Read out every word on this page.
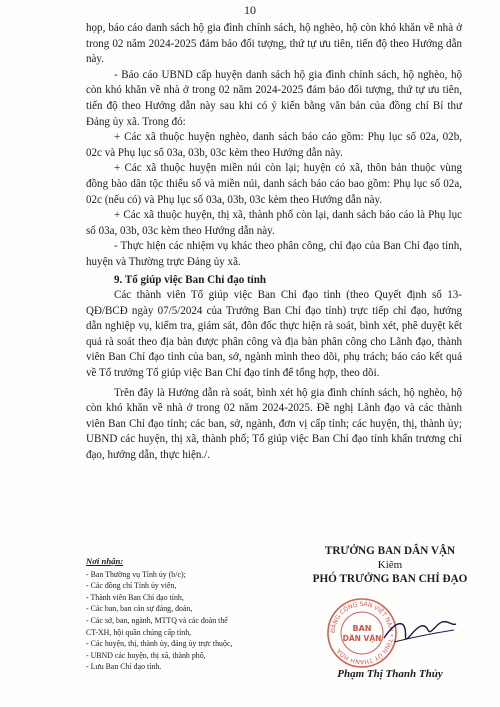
10

họp, báo cáo danh sách hộ gia đình chính sách, hộ nghèo, hộ còn khó khăn về nhà ở trong 02 năm 2024-2025 đảm bảo đối tượng, thứ tự ưu tiên, tiến độ theo Hướng dẫn này.

- Báo cáo UBND cấp huyện danh sách hộ gia đình chính sách, hộ nghèo, hộ còn khó khăn về nhà ở trong 02 năm 2024-2025 đảm bảo đối tượng, thứ tự ưu tiên, tiến độ theo Hướng dẫn này sau khi có ý kiến bằng văn bản của đồng chí Bí thư Đảng ủy xã. Trong đó:

+ Các xã thuộc huyện nghèo, danh sách báo cáo gồm: Phụ lục số 02a, 02b, 02c và Phụ lục số 03a, 03b, 03c kèm theo Hướng dẫn này.

+ Các xã thuộc huyện miền núi còn lại; huyện có xã, thôn bản thuộc vùng đồng bào dân tộc thiểu số và miền núi, danh sách báo cáo bao gồm: Phụ lục số 02a, 02c (nếu có) và Phụ lục số 03a, 03b, 03c kèm theo Hướng dẫn này.

+ Các xã thuộc huyện, thị xã, thành phố còn lại, danh sách báo cáo là Phụ lục số 03a, 03b, 03c kèm theo Hướng dẫn này.

- Thực hiện các nhiệm vụ khác theo phân công, chỉ đạo của Ban Chỉ đạo tỉnh, huyện và Thường trực Đảng ủy xã.

9. Tổ giúp việc Ban Chỉ đạo tỉnh

Các thành viên Tổ giúp việc Ban Chỉ đạo tỉnh (theo Quyết định số 13-QĐ/BCĐ ngày 07/5/2024 của Trưởng Ban Chỉ đạo tỉnh) trực tiếp chỉ đạo, hướng dẫn nghiệp vụ, kiểm tra, giám sát, đôn đốc thực hiện rà soát, bình xét, phê duyệt kết quả rà soát theo địa bàn được phân công và địa bàn phân công cho Lãnh đạo, thành viên Ban Chỉ đạo tỉnh của ban, sở, ngành mình theo dõi, phụ trách; báo cáo kết quả về Tổ trưởng Tổ giúp việc Ban Chỉ đạo tỉnh để tổng hợp, theo dõi.

Trên đây là Hướng dẫn rà soát, bình xét hộ gia đình chính sách, hộ nghèo, hộ còn khó khăn về nhà ở trong 02 năm 2024-2025. Đề nghị Lãnh đạo và các thành viên Ban Chỉ đạo tỉnh; các ban, sở, ngành, đơn vị cấp tỉnh; các huyện, thị, thành ủy; UBND các huyện, thị xã, thành phố; Tổ giúp việc Ban Chỉ đạo tỉnh khẩn trương chỉ đạo, hướng dẫn, thực hiện./.

Nơi nhận:
- Ban Thường vụ Tỉnh ủy (b/c);
- Các đồng chí Tỉnh ủy viên,
- Thành viên Ban Chỉ đạo tỉnh,
- Các ban, ban cán sự đảng, đoàn,
- Các sở, ban, ngành, MTTQ và các đoàn thể
CT-XH, hội quần chúng cấp tỉnh,
- Các huyện, thị, thành ủy, đảng ủy trực thuộc,
- UBND các huyện, thị xã, thành phố,
- Lưu Ban Chỉ đạo tỉnh.
TRƯỞNG BAN DÂN VẬN
Kiêm
PHÓ TRƯỞNG BAN CHỈ ĐẠO
ĐẢNG CỘNG SẢN VIỆT NAM * TỈNH ỦY THANH HÓA
BAN
DÂN VẬN
Phạm Thị Thanh Thủy
